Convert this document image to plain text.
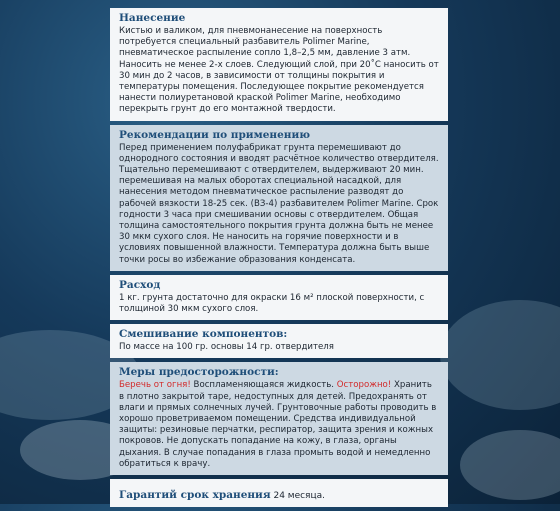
Нанесение

Кистью и валиком, для пневмонанесение на поверхность потребуется специальный разбавитель Polimer Marine, пневматическое распыление сопло 1,8–2,5 мм, давление 3 атм. Наносить не менее 2-х слоев. Следующий слой, при 20˚С наносить от 30 мин до 2 часов, в зависимости от толщины покрытия и температуры помещения. Последующее покрытие рекомендуется нанести полиуретановой краской Polimer Marine, необходимо перекрыть грунт до его монтажной твердости.

Рекомендации по применению

Перед применением полуфабрикат грунта перемешивают до однородного состояния и вводят расчётное количество отвердителя. Тщательно перемешивают с отвердителем, выдерживают 20 мин. перемешивая на малых оборотах специальной насадкой, для нанесения методом пневматическое распыление разводят до рабочей вязкости 18-25 сек. (ВЗ-4) разбавителем Polimer Marine. Срок годности 3 часа при смешивании основы с отвердителем. Общая толщина самостоятельного покрытия грунта должна быть не менее 30 мкм сухого слоя. Не наносить на горячие поверхности и в условиях повышенной влажности. Температура должна быть выше точки росы во избежание образования конденсата.

Расход

1 кг. грунта достаточно для окраски 16 м² плоской поверхности, с толщиной 30 мкм сухого слоя.

Смешивание компонентов:

По массе на 100 гр. основы 14 гр. отвердителя

Меры предосторожности:

Беречь от огня! Воспламеняющаяся жидкость. Осторожно! Хранить в плотно закрытой таре, недоступных для детей. Предохранять от влаги и прямых солнечных лучей. Грунтовочные работы проводить в хорошо проветриваемом помещении. Средства индивидуальной защиты: резиновые перчатки, респиратор, защита зрения и кожных покровов. Не допускать попадание на кожу, в глаза, органы дыхания. В случае попадания в глаза промыть водой и немедленно обратиться к врачу.

Гарантий срок хранения 24 месяца.
